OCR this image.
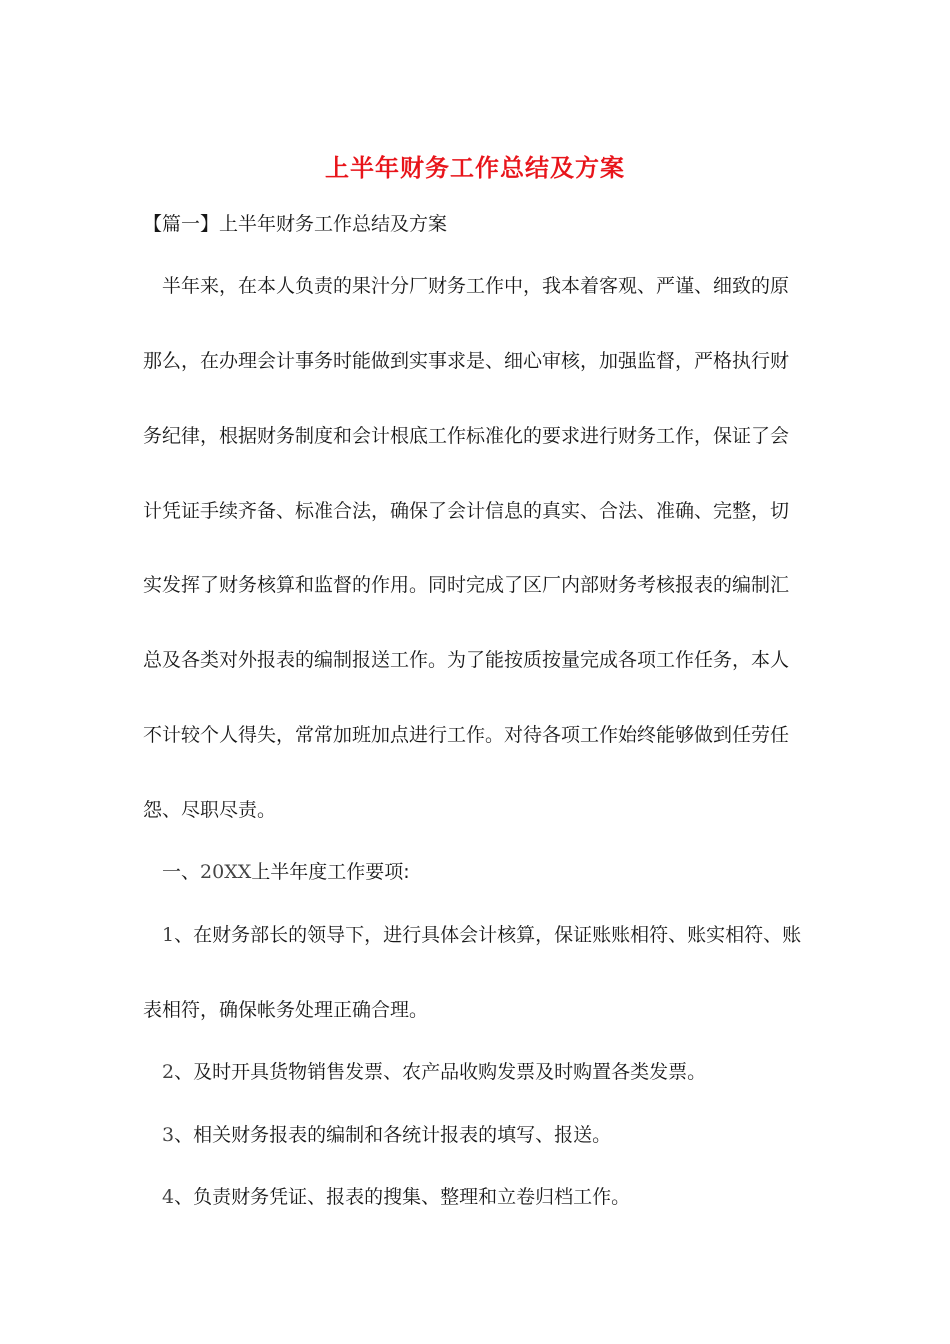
上半年财务工作总结及方案
【篇一】上半年财务工作总结及方案
半年来，在本人负责的果汁分厂财务工作中，我本着客观、严谨、细致的原
那么，在办理会计事务时能做到实事求是、细心审核，加强监督，严格执行财
务纪律，根据财务制度和会计根底工作标准化的要求进行财务工作，保证了会
计凭证手续齐备、标准合法，确保了会计信息的真实、合法、准确、完整，切
实发挥了财务核算和监督的作用。同时完成了区厂内部财务考核报表的编制汇
总及各类对外报表的编制报送工作。为了能按质按量完成各项工作任务，本人
不计较个人得失，常常加班加点进行工作。对待各项工作始终能够做到任劳任
怨、尽职尽责。
一、20XX上半年度工作要项:
1、在财务部长的领导下，进行具体会计核算，保证账账相符、账实相符、账
表相符，确保帐务处理正确合理。
2、及时开具货物销售发票、农产品收购发票及时购置各类发票。
3、相关财务报表的编制和各统计报表的填写、报送。
4、负责财务凭证、报表的搜集、整理和立卷归档工作。
